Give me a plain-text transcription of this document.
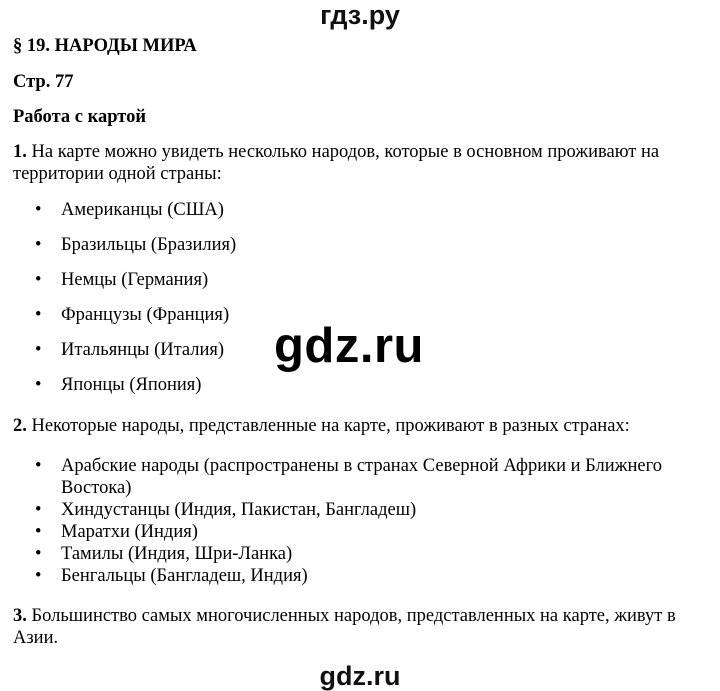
гдз.ру

§ 19. НАРОДЫ МИРА

Стр. 77

Работа с картой

1. На карте можно увидеть несколько народов, которые в основном проживают на территории одной страны:

• Американцы (США)
• Бразильцы (Бразилия)
• Немцы (Германия)
• Французы (Франция)
• Итальянцы (Италия)
• Японцы (Япония)

2. Некоторые народы, представленные на карте, проживают в разных странах:

• Арабские народы (распространены в странах Северной Африки и Ближнего Востока)
• Хиндустанцы (Индия, Пакистан, Бангладеш)
• Маратхи (Индия)
• Тамилы (Индия, Шри-Ланка)
• Бенгальцы (Бангладеш, Индия)

3. Большинство самых многочисленных народов, представленных на карте, живут в Азии.

gdz.ru
gdz.ru
